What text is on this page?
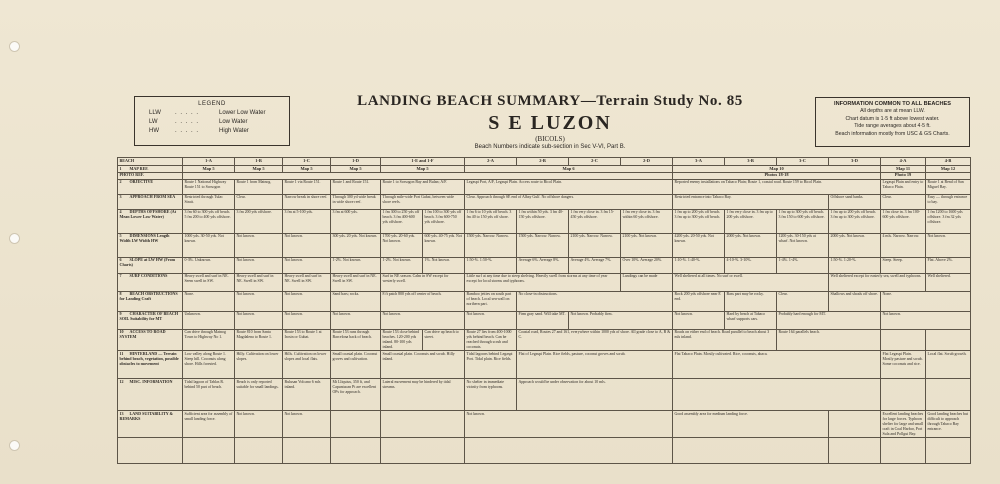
LEGEND
LLW	. . . . .	Lower Low Water
LW	. . . . .	Low Water
HW	. . . . .	High Water
LANDING BEACH SUMMARY—Terrain Study No. 85
S E LUZON
(BICOLS)
Beach Numbers indicate sub-section in Sec V-VI, Part B.
INFORMATION COMMON TO ALL BEACHES
All depths are at mean LLW.
Chart datum is 1·5 ft above lowest water.
Tide range averages about 4·5 ft.
Beach information mostly from USC & GS Charts.
BEACH	1-A	1-B	1-C	1-D	1-E and 1-F		2-A	2-B	2-C	2-D	3-A	3-B	3-C	3-D	4-A	4-B
1 MAP REF.	Map 5	Map 5	Map 5	Map 5	Map 5		Map 6				Map 10				Map 11	Map 12
PHOTO REF.											Photos 18-18				Photo 19	
2 OBJECTIVE	Route 1 National Highway Route 151 to Sorsogon	Route 1 from Matnog.	Route 1 via Route 151.	Route 1 and Route 151.	Route 1 to Sorsogon Bay and Bulan; A/F.		Legaspi Port, A/F, Legaspi Plain. Access route to Bicol Plain.				Reported enemy installations on Tabaco Plain; Route 1, coastal road. Route 159 to Bicol Plain.				Legaspi Plain and entry to Tabaco Plain.	Route 1 at Bend of San Miguel Bay.
3 APPROACH FROM SEA	Restricted through Tulac Strait.	Clear.	Narrow break in shore reef.	Through 300 yd wide break in wide shore reef.	Through mile-wide Port Gubat, between wide shore reefs.		Clear. Approach through SE end of Albay Gulf. No offshore dangers.				Restricted entrance into Tabaco Bay.			Offshore sand banks.	Clear.	Easy — through entrance to bay.
4 DEPTHS OFFSHORE (At Mean Lower Low Water)	3 fm 60 to 300 yds off beach. 5 fm 200 to 400 yds offshore.	3 fm 200 yds offshore.	3 fm at 5-100 yds.	3 fm at 600 yds.	1 fm 300 to 250 yds off beach. 3 fm 400-600 yds offshore.	1 fm 100 to 300 yds off beach. 3 fm 600-750 yds offshore.	1 fm 6 to 10 yds off beach. 3 fm 40 to 150 yds off shore.	1 fm within 50 yds. 3 fm 40-150 yds offshore.	1 fm very close in. 3 fm 15-450 yds offshore.	1 fm very close in. 3 fm within 60 yds offshore.	1 fm up to 200 yds off beach. 3 fm up to 300 yds off beach.	1 fm very close in. 3 fm up to 200 yds offshore.	1 fm up to 300 yds off beach. 3 fm 150 to 600 yds offshore.	1 fm up to 200 yds off beach. 3 fm up to 300 yds offshore.	1 fm close in. 3 fm 100-600 yds offshore.	1 fm 1200 to 1600 yds offshore. 3 fm 32 yds offshore.
5 DIMENSIONS Length Width LW Width HW	1000 yds. 30-50 yds. Not known.	Not known.	Not known.	300 yds. 20 yds. Not known.	1700 yds. 20-60 yds. Not known.	600 yds. 40-75 yds. Not known.	1500 yds. Narrow. Narrow.	1500 yds. Narrow. Narrow.	2100 yds. Narrow. Narrow.	2100 yds. Not known.	4200 yds. 20-50 yds. Not known.	2000 yds. Not known.	1200 yds. 30-150 yds at wharf. Not known.	2000 yds. Not known.	4 mls. Narrow. Narrow.	Not known.
6 SLOPE at LW HW (From Charts)	0-3%. Unknown.	Not known.	Not known.	1-2%. Not known.	1-2%. Not known.	1%. Not known.	1:50-%. 1:50-%.	Average 6%. Average 8%.	Average 4%. Average 7%.	Over 10%. Average 20%.	1:10-%. 1:40-%.	4-10-%. 3-10%.	1-4%. 1-4%.	1:50-%. 1:20-%.	Steep. Steep.	Flat. Above 2%.
7 SURF CONDITIONS	Heavy swell and surf in NE. Seem swell in SW.	Heavy swell and surf in NE. Swell in SW.	Heavy swell and surf in NE. Swell in SW.	Heavy swell and surf in NE. Swell in SW.	Surf in NE season. Calm in SW except for westerly swell.		Little surf at any time due to steep shelving. Heavily swell from storms at any time of year except for local storms and typhoons.			Landings can be made	Well sheltered at all times. No surf or swell.			Well sheltered except for easterly sea, swell and typhoons.		Well sheltered.
8 BEACH OBSTRUCTIONS for Landing Craft	None.	Not known.	Not known.	Sand bars; rocks.	8 ft patch 800 yds off center of beach.		Bamboo jetties on south part of beach. Local sea-wall on northern part.	No close-in obstructions.			Rock 200 yds offshore near E end.	Bass part may be rocky.	Clear.	Shallows and shoals off shore.	None.	
9 CHARACTER OF BEACH SOIL Suitability for MT	Unknown.	Not known.	Not known.	Not known.	Not known.		Not known.	Firm gray sand. Will take MT.	Not known. Probably firm.		Not known.	Hard by beach at Tabaco wharf supports cars.	Probably hard enough for MT.		Not known.	
10 ACCESS TO ROAD SYSTEM	Can drive through Matnog Town to Highway No 1.	Route 810 from Santa Magdalena to Route 1.	Route 153 to Route 1 at Irosin or Gubat.	Route 153 runs through Barcelona back of beach.	Route 153 close behind beaches. 120-200 yds inland. 80-100 yds inland.	Can drive up beach to street.	Route 27 lies from 400-1000 yds behind beach. Can be reached through scrub and coconuts.	Coastal road, Routes 27 and 161, everywhere within 1000 yds of shore. All grade close to A, B & C.			Roads on either end of beach. Road parallel to beach about 3 mls inland.		Route 164 parallels beach.			
11 HINTERLAND — Terrain behind beach, vegetation, possible obstacles to movement	Low valley along Route 1. Steep hill. Coconuts along shore. Hills forested.	Hilly. Cultivation on lower slopes.	Hills. Cultivation on lower slopes and local flats.	Small coastal plain. Coconut groves and cultivation.	Small coastal plain. Coconuts and scrub. Hilly inland.		Tidal lagoons behind Legaspi Port. Tidal plain. Rice fields.	Flat of Legaspi Plain. Rice fields, pasture, coconut groves and scrub.			Flat Tabaco Plain. Mostly cultivated. Rice, coconuts, abaca.				Flat Legaspi Plain. Mostly pasture and scrub. Some coconuts and rice.	Local flat. Scrub growth.
12 MISC. INFORMATION	Tidal lagoon of Tablas R. behind 50 part of beach.	Beach is only reported suitable for small landings.	Bulusan Volcano 6 mls inland.	Mt Lliquius, 350 ft, and Capuntucan Pt are excellent OPs for approach.	Lateral movement may be hindered by tidal streams.		No shelter in immediate vicinity from typhoons.	Approach would be under observation for about 10 mls.								
13 LAND SUITABILITY & REMARKS	Sufficient area for assembly of small landing force.	Not known.	Not known.				Not known.				Good assembly area for medium landing force.				Excellent landing beaches for large forces. Typhoon shelter for large and small craft in Coal Harbor, Port Sula and Pollgui Bay.	Good landing beaches but difficult to approach through Tabaco Bay entrance.
